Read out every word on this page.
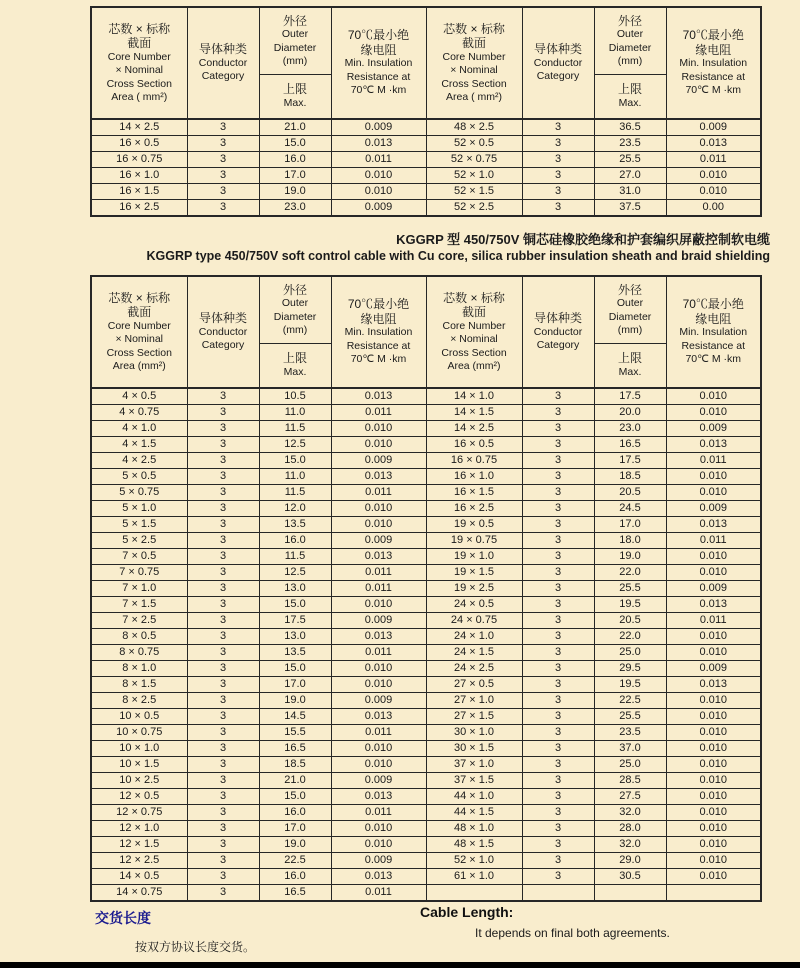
芯数 × 标称
截面
Core Number
× Nominal
Cross Section
Area ( mm²)

导体种类
Conductor
Category

外径
Outer
Diameter
(mm)
上限
Max.

70℃最小绝
缘电阻
Min. Insulation
Resistance at
70℃ M ·km

芯数 × 标称
截面
Core Number
× Nominal
Cross Section
Area ( mm²)

导体种类
Conductor
Category

外径
Outer
Diameter
(mm)
上限
Max.

70℃最小绝
缘电阻
Min. Insulation
Resistance at
70℃ M ·km

14 × 2.5	3	21.0	0.009	48 × 2.5	3	36.5	0.009
16 × 0.5	3	15.0	0.013	52 × 0.5	3	23.5	0.013
16 × 0.75	3	16.0	0.011	52 × 0.75	3	25.5	0.011
16 × 1.0	3	17.0	0.010	52 × 1.0	3	27.0	0.010
16 × 1.5	3	19.0	0.010	52 × 1.5	3	31.0	0.010
16 × 2.5	3	23.0	0.009	52 × 2.5	3	37.5	0.00
KGGRP 型 450/750V 铜芯硅橡胶绝缘和护套编织屏蔽控制软电缆
KGGRP type 450/750V soft control cable with Cu core, silica rubber insulation sheath and braid shielding
芯数 × 标称
截面
Core Number
× Nominal
Cross Section
Area (mm²)

导体种类
Conductor
Category

外径
Outer
Diameter
(mm)
上限
Max.

70℃最小绝
缘电阻
Min. Insulation
Resistance at
70℃ M ·km

芯数 × 标称
截面
Core Number
× Nominal
Cross Section
Area (mm²)

导体种类
Conductor
Category

外径
Outer
Diameter
(mm)
上限
Max.

70℃最小绝
缘电阻
Min. Insulation
Resistance at
70℃ M ·km

4 × 0.5	3	10.5	0.013	14 × 1.0	3	17.5	0.010
4 × 0.75	3	11.0	0.011	14 × 1.5	3	20.0	0.010
4 × 1.0	3	11.5	0.010	14 × 2.5	3	23.0	0.009
4 × 1.5	3	12.5	0.010	16 × 0.5	3	16.5	0.013
4 × 2.5	3	15.0	0.009	16 × 0.75	3	17.5	0.011
5 × 0.5	3	11.0	0.013	16 × 1.0	3	18.5	0.010
5 × 0.75	3	11.5	0.011	16 × 1.5	3	20.5	0.010
5 × 1.0	3	12.0	0.010	16 × 2.5	3	24.5	0.009
5 × 1.5	3	13.5	0.010	19 × 0.5	3	17.0	0.013
5 × 2.5	3	16.0	0.009	19 × 0.75	3	18.0	0.011
7 × 0.5	3	11.5	0.013	19 × 1.0	3	19.0	0.010
7 × 0.75	3	12.5	0.011	19 × 1.5	3	22.0	0.010
7 × 1.0	3	13.0	0.011	19 × 2.5	3	25.5	0.009
7 × 1.5	3	15.0	0.010	24 × 0.5	3	19.5	0.013
7 × 2.5	3	17.5	0.009	24 × 0.75	3	20.5	0.011
8 × 0.5	3	13.0	0.013	24 × 1.0	3	22.0	0.010
8 × 0.75	3	13.5	0.011	24 × 1.5	3	25.0	0.010
8 × 1.0	3	15.0	0.010	24 × 2.5	3	29.5	0.009
8 × 1.5	3	17.0	0.010	27 × 0.5	3	19.5	0.013
8 × 2.5	3	19.0	0.009	27 × 1.0	3	22.5	0.010
10 × 0.5	3	14.5	0.013	27 × 1.5	3	25.5	0.010
10 × 0.75	3	15.5	0.011	30 × 1.0	3	23.5	0.010
10 × 1.0	3	16.5	0.010	30 × 1.5	3	37.0	0.010
10 × 1.5	3	18.5	0.010	37 × 1.0	3	25.0	0.010
10 × 2.5	3	21.0	0.009	37 × 1.5	3	28.5	0.010
12 × 0.5	3	15.0	0.013	44 × 1.0	3	27.5	0.010
12 × 0.75	3	16.0	0.011	44 × 1.5	3	32.0	0.010
12 × 1.0	3	17.0	0.010	48 × 1.0	3	28.0	0.010
12 × 1.5	3	19.0	0.010	48 × 1.5	3	32.0	0.010
12 × 2.5	3	22.5	0.009	52 × 1.0	3	29.0	0.010
14 × 0.5	3	16.0	0.013	61 × 1.0	3	30.5	0.010
14 × 0.75	3	16.5	0.011				
交货长度	Cable Length:
It depends on final both agreements.
按双方协议长度交货。
